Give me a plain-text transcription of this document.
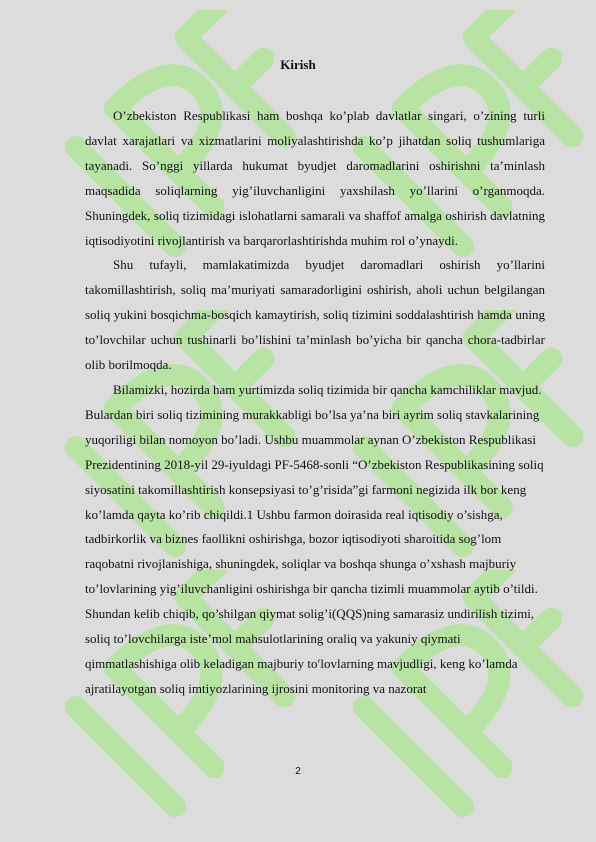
Kirish

O’zbekiston Respublikasi ham boshqa ko’plab davlatlar singari, o’zining turli davlat xarajatlari va xizmatlarini moliyalashtirishda ko’p jihatdan soliq tushumlariga tayanadi. So’nggi yillarda hukumat byudjet daromadlarini oshirishni ta’minlash maqsadida soliqlarning yig’iluvchanligini yaxshilash yo’llarini o’rganmoqda. Shuningdek, soliq tizimidagi islohatlarni samarali va shaffof amalga oshirish davlatning iqtisodiyotini rivojlantirish va barqarorlashtirishda muhim rol o’ynaydi.

Shu tufayli, mamlakatimizda byudjet daromadlari oshirish yo’llarini takomillashtirish, soliq ma’muriyati samaradorligini oshirish, aholi uchun belgilangan soliq yukini bosqichma-bosqich kamaytirish, soliq tizimini soddalashtirish hamda uning to’lovchilar uchun tushinarli bo’lishini ta’minlash bo’yicha bir qancha chora-tadbirlar olib borilmoqda.

Bilamizki, hozirda ham yurtimizda soliq tizimida bir qancha kamchiliklar mavjud. Bulardan biri soliq tizimining murakkabligi bo’lsa ya’na biri ayrim soliq stavkalarining yuqoriligi bilan nomoyon bo’ladi. Ushbu muammolar aynan O’zbekiston Respublikasi Prezidentining 2018-yil 29-iyuldagi PF-5468-sonli “O’zbekiston Respublikasining soliq siyosatini takomillashtirish konsepsiyasi to’g’risida”gi farmoni negizida ilk bor keng ko’lamda qayta ko’rib chiqildi.1 Ushbu farmon doirasida real iqtisodiy o’sishga, tadbirkorlik va biznes faollikni oshirishga, bozor iqtisodiyoti sharoitida sog’lom raqobatni rivojlanishiga, shuningdek, soliqlar va boshqa shunga o’xshash majburiy to’lovlarining yig’iluvchanligini oshirishga bir qancha tizimli muammolar aytib o’tildi. Shundan kelib chiqib, qo’shilgan qiymat solig’i(QQS)ning samarasiz undirilish tizimi, soliq to’lovchilarga iste’mol mahsulotlarining oraliq va yakuniy qiymati qimmatlashishiga olib keladigan majburiy to′lovlarning mavjudligi, keng ko’lamda ajratilayotgan soliq imtiyozlarining ijrosini monitoring va nazorat

2
